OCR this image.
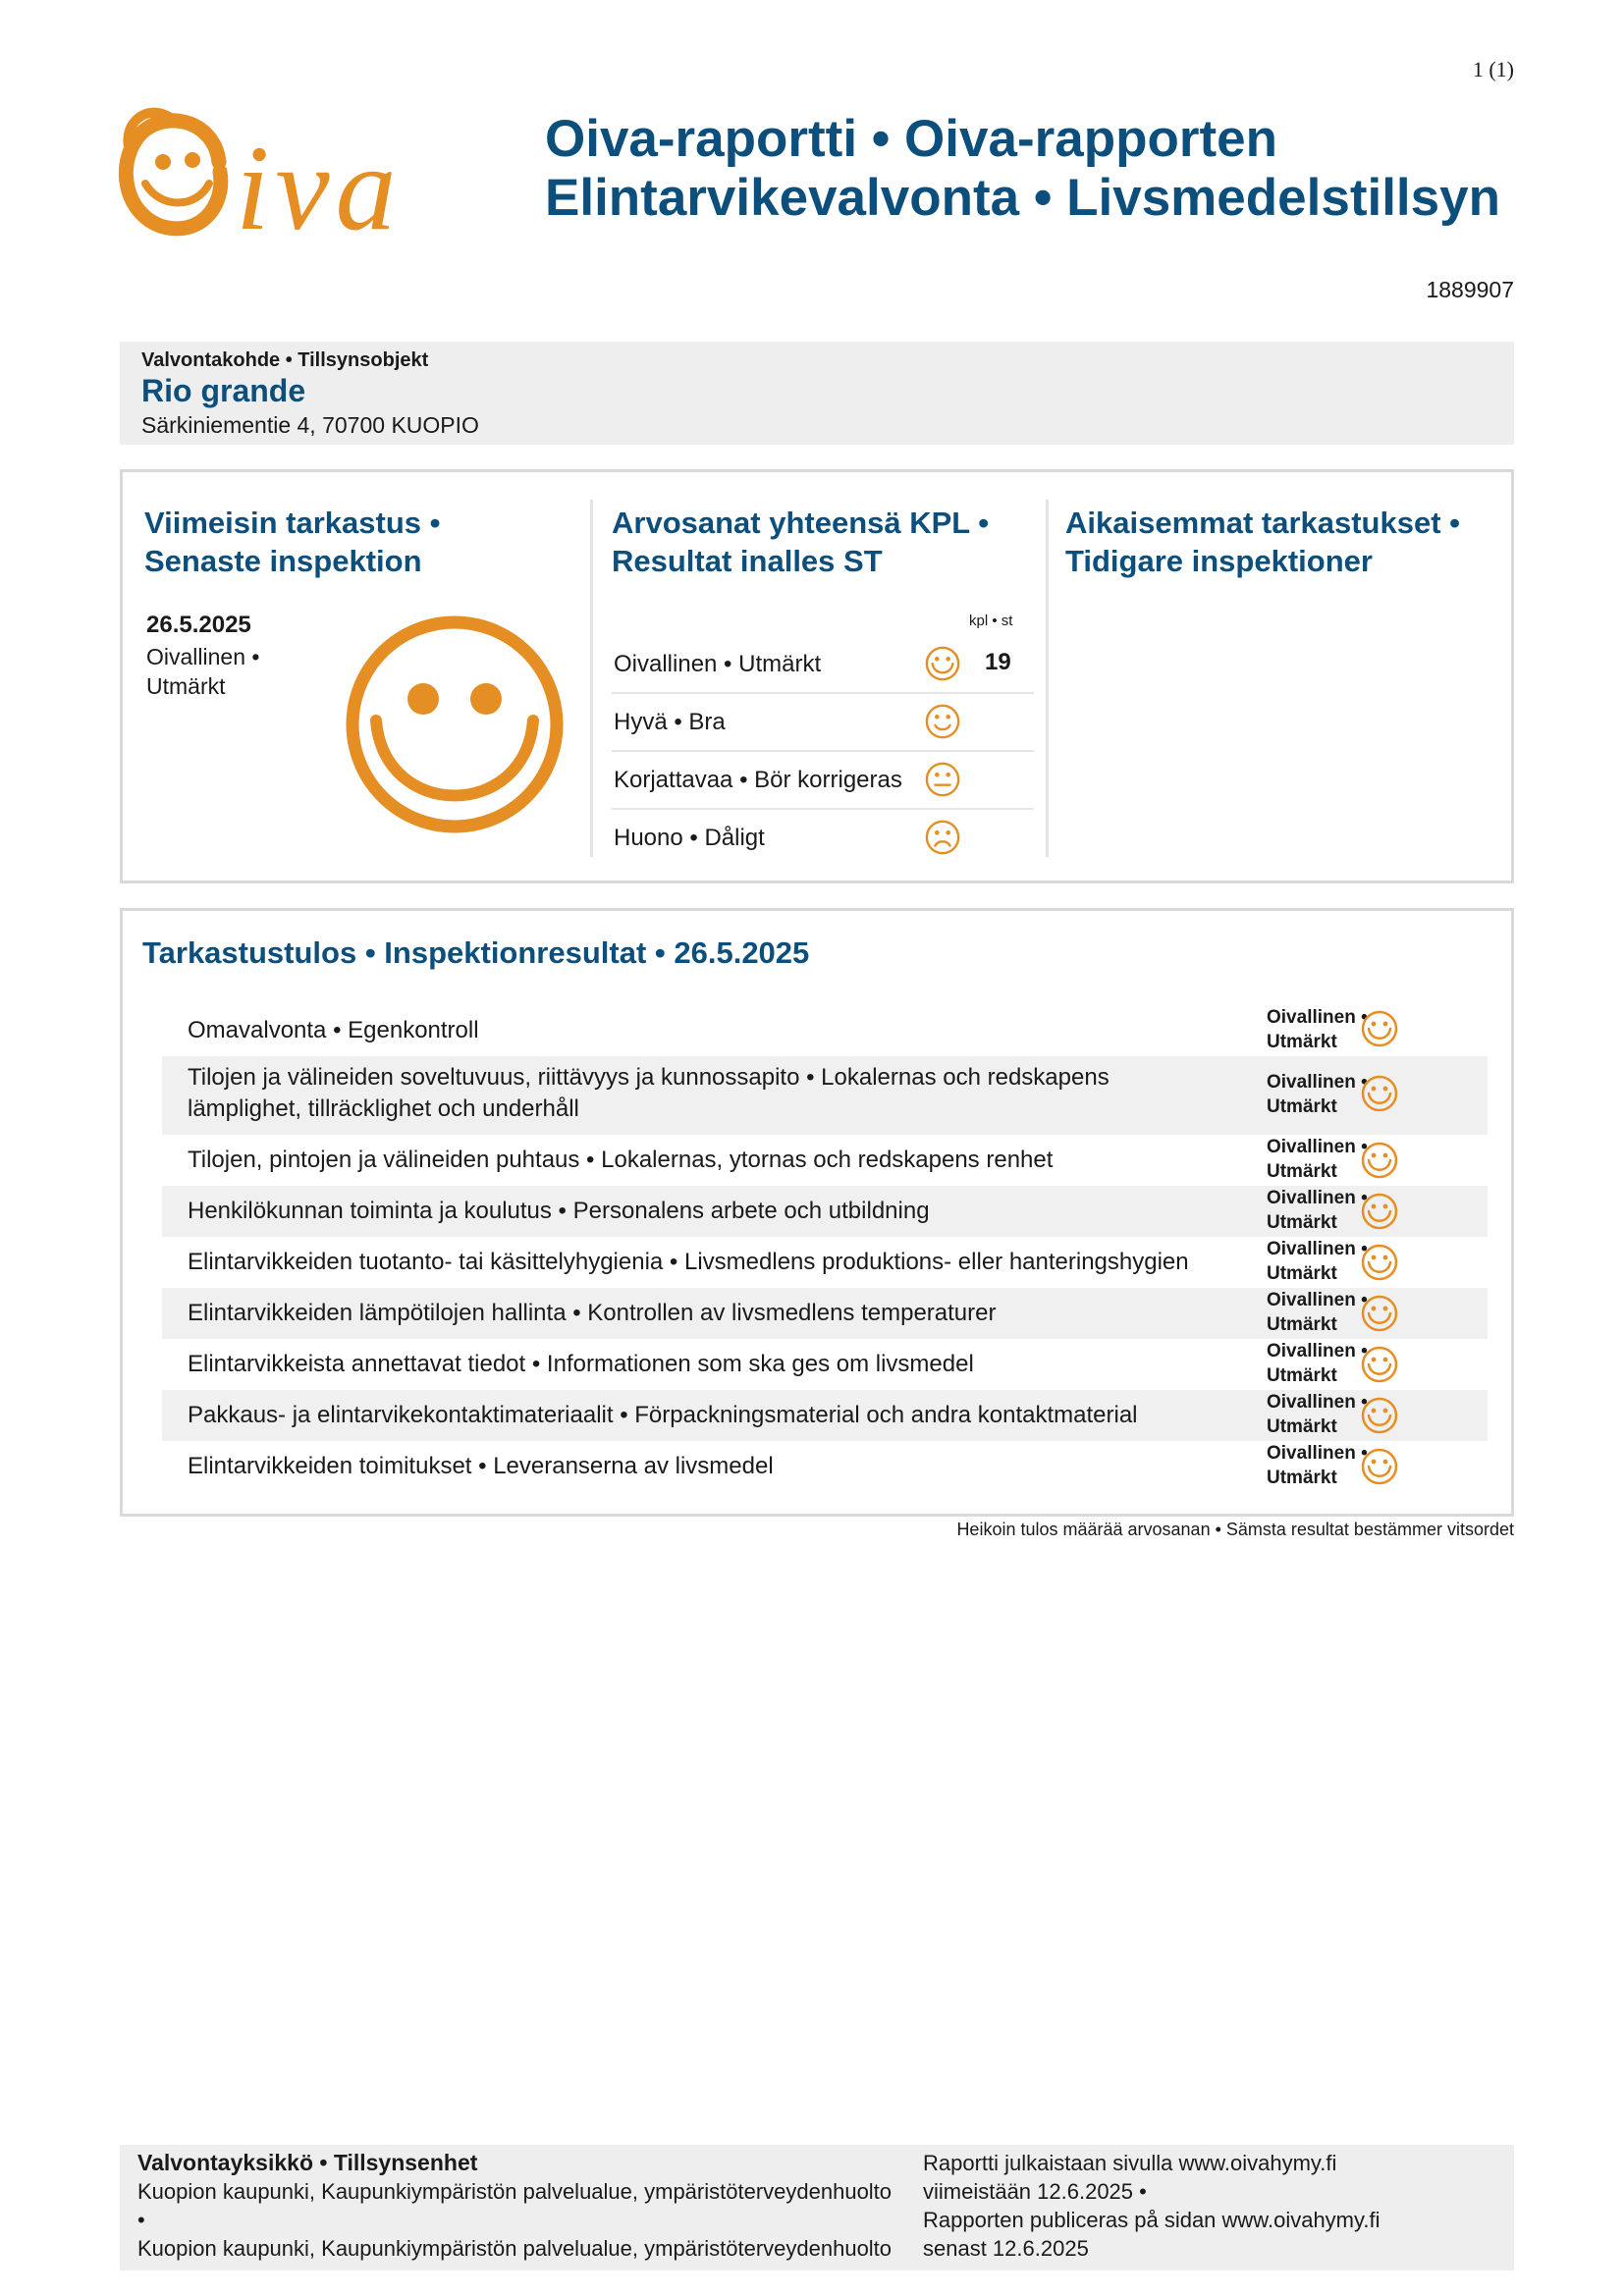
1 (1)
iva	Oiva-raportti • Oiva-rapporten
Elintarvikevalvonta • Livsmedelstillsyn
1889907
Valvontakohde • Tillsynsobjekt
Rio grande
Särkiniementie 4, 70700 KUOPIO
Viimeisin tarkastus •
Senaste inspektion
26.5.2025
Oivallinen •
Utmärkt
Arvosanat yhteensä KPL •
Resultat inalles ST
kpl • st
Oivallinen • Utmärkt	19
Hyvä • Bra
Korjattavaa • Bör korrigeras
Huono • Dåligt
Aikaisemmat tarkastukset •
Tidigare inspektioner
Tarkastustulos • Inspektionresultat • 26.5.2025
Omavalvonta • Egenkontroll	Oivallinen •
Utmärkt
Tilojen ja välineiden soveltuvuus, riittävyys ja kunnossapito • Lokalernas och redskapens
lämplighet, tillräcklighet och underhåll
Oivallinen •
Utmärkt
Tilojen, pintojen ja välineiden puhtaus • Lokalernas, ytornas och redskapens renhet	Oivallinen •
Utmärkt
Henkilökunnan toiminta ja koulutus • Personalens arbete och utbildning	Oivallinen •
Utmärkt
Elintarvikkeiden tuotanto- tai käsittelyhygienia • Livsmedlens produktions- eller hanteringshygien	Oivallinen •
Utmärkt
Elintarvikkeiden lämpötilojen hallinta • Kontrollen av livsmedlens temperaturer	Oivallinen •
Utmärkt
Elintarvikkeista annettavat tiedot • Informationen som ska ges om livsmedel	Oivallinen •
Utmärkt
Pakkaus- ja elintarvikekontaktimateriaalit • Förpackningsmaterial och andra kontaktmaterial	Oivallinen •
Utmärkt
Elintarvikkeiden toimitukset • Leveranserna av livsmedel	Oivallinen •
Utmärkt
Heikoin tulos määrää arvosanan • Sämsta resultat bestämmer vitsordet
Valvontayksikkö • Tillsynsenhet
Kuopion kaupunki, Kaupunkiympäristön palvelualue, ympäristöterveydenhuolto
•
Kuopion kaupunki, Kaupunkiympäristön palvelualue, ympäristöterveydenhuolto
Raportti julkaistaan sivulla www.oivahymy.fi
viimeistään 12.6.2025 •
Rapporten publiceras på sidan www.oivahymy.fi
senast 12.6.2025
